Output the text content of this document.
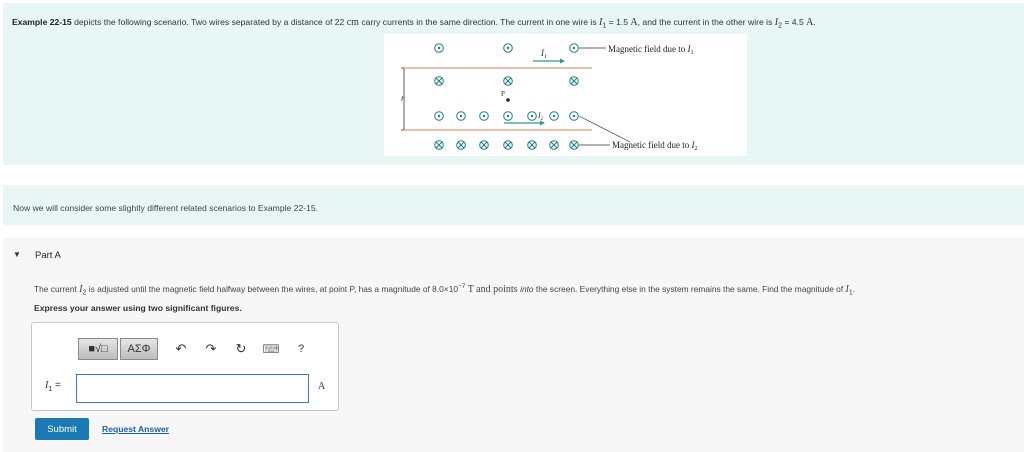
Example 22-15 depicts the following scenario. Two wires separated by a distance of 22 cm carry currents in the same direction. The current in one wire is $I_1 = 1.5$ A, and the current in the other wire is $I_2 = 4.5$ A.
r
$I_1$
P
$I_2$
Magnetic field due to $I_1$
Magnetic field due to $I_2$
Now we will consider some slightly different related scenarios to Example 22-15.
▼ Part A
The current $I_2$ is adjusted until the magnetic field halfway between the wires, at point P, has a magnitude of $8.0\times 10^{-7}$ T and points into the screen. Everything else in the system remains the same. Find the magnitude of $I_1$.
Express your answer using two significant figures.
■√□	ΑΣΦ	↶	↷	↻	⌨	?
$I_1$ =	A
Submit	Request Answer
